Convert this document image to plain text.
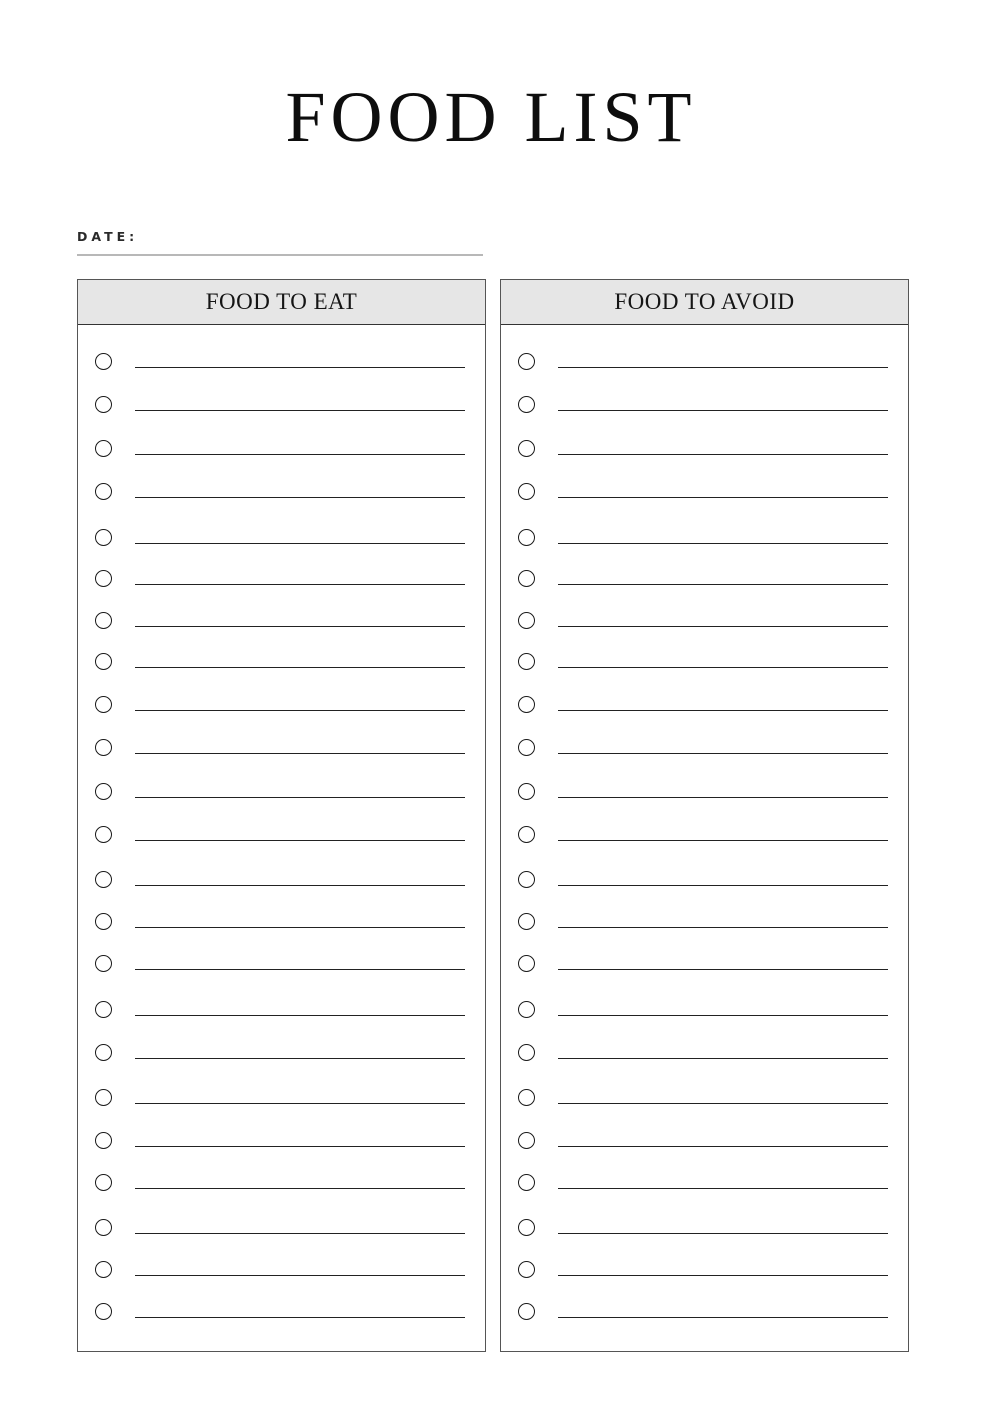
FOOD LIST
DATE:
FOOD TO EAT	FOOD TO AVOID
